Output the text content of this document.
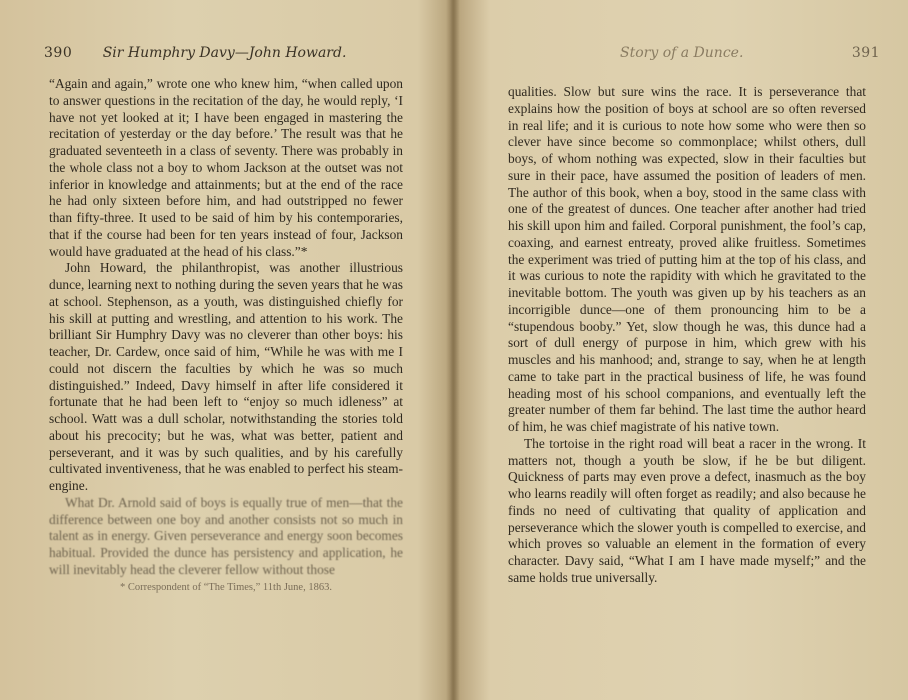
390 Sir Humphry Davy—John Howard.

“Again and again,” wrote one who knew him, “when called upon to answer questions in the recitation of the day, he would reply, ‘I have not yet looked at it; I have been engaged in mastering the recitation of yesterday or the day before.’ The result was that he graduated seventeeth in a class of seventy. There was probably in the whole class not a boy to whom Jackson at the outset was not inferior in knowledge and attainments; but at the end of the race he had only sixteen before him, and had outstripped no fewer than fifty-three. It used to be said of him by his contemporaries, that if the course had been for ten years instead of four, Jackson would have graduated at the head of his class.”*

John Howard, the philanthropist, was another illustrious dunce, learning next to nothing during the seven years that he was at school. Stephenson, as a youth, was distinguished chiefly for his skill at putting and wrestling, and attention to his work. The brilliant Sir Humphry Davy was no cleverer than other boys: his teacher, Dr. Cardew, once said of him, “While he was with me I could not discern the faculties by which he was so much distinguished.” Indeed, Davy himself in after life considered it fortunate that he had been left to “enjoy so much idleness” at school. Watt was a dull scholar, notwithstanding the stories told about his precocity; but he was, what was better, patient and perseverant, and it was by such qualities, and by his carefully cultivated inventiveness, that he was enabled to perfect his steam-engine.

What Dr. Arnold said of boys is equally true of men—that the difference between one boy and another consists not so much in talent as in energy. Given perseverance and energy soon becomes habitual. Provided the dunce has persistency and application, he will inevitably head the cleverer fellow without those

* Correspondent of “The Times,” 11th June, 1863.
Story of a Dunce.	391

qualities. Slow but sure wins the race. It is perseverance that explains how the position of boys at school are so often reversed in real life; and it is curious to note how some who were then so clever have since become so commonplace; whilst others, dull boys, of whom nothing was expected, slow in their faculties but sure in their pace, have assumed the position of leaders of men. The author of this book, when a boy, stood in the same class with one of the greatest of dunces. One teacher after another had tried his skill upon him and failed. Corporal punishment, the fool’s cap, coaxing, and earnest entreaty, proved alike fruitless. Sometimes the experiment was tried of putting him at the top of his class, and it was curious to note the rapidity with which he gravitated to the inevitable bottom. The youth was given up by his teachers as an incorrigible dunce—one of them pronouncing him to be a “stupendous booby.” Yet, slow though he was, this dunce had a sort of dull energy of purpose in him, which grew with his muscles and his manhood; and, strange to say, when he at length came to take part in the practical business of life, he was found heading most of his school companions, and eventually left the greater number of them far behind. The last time the author heard of him, he was chief magistrate of his native town.

The tortoise in the right road will beat a racer in the wrong. It matters not, though a youth be slow, if he be but diligent. Quickness of parts may even prove a defect, inasmuch as the boy who learns readily will often forget as readily; and also because he finds no need of cultivating that quality of application and perseverance which the slower youth is compelled to exercise, and which proves so valuable an element in the formation of every character. Davy said, “What I am I have made myself;” and the same holds true universally.
